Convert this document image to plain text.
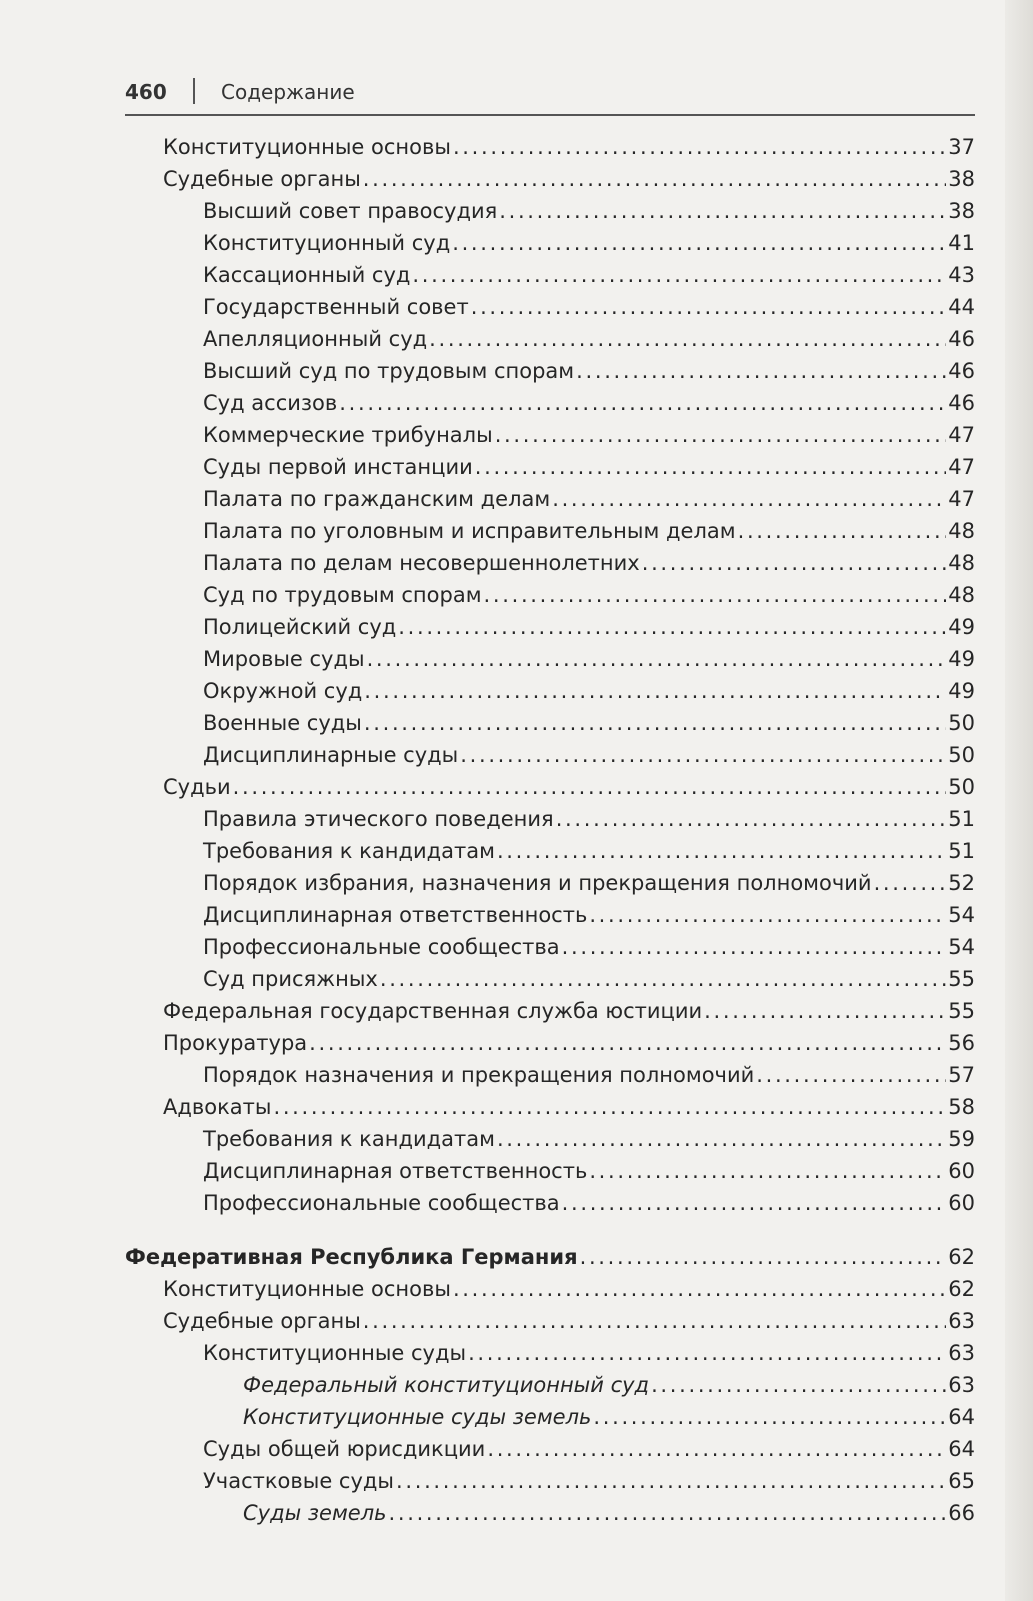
460	Содержание
Конституционные основы . . .	37
Судебные органы . . .	38
Высший совет правосудия . . .	38
Конституционный суд . . .	41
Кассационный суд . . .	43
Государственный совет . . .	44
Апелляционный суд . . .	46
Высший суд по трудовым спорам . . .	46
Суд ассизов . . .	46
Коммерческие трибуналы . . .	47
Суды первой инстанции . . .	47
Палата по гражданским делам . . .	47
Палата по уголовным и исправительным делам . . .	48
Палата по делам несовершеннолетних . . .	48
Суд по трудовым спорам . . .	48
Полицейский суд . . .	49
Мировые суды . . .	49
Окружной суд . . .	49
Военные суды . . .	50
Дисциплинарные суды . . .	50
Судьи . . .	50
Правила этического поведения . . .	51
Требования к кандидатам . . .	51
Порядок избрания, назначения и прекращения полномочий . . .	52
Дисциплинарная ответственность . . .	54
Профессиональные сообщества . . .	54
Суд присяжных . . .	55
Федеральная государственная служба юстиции . . .	55
Прокуратура . . .	56
Порядок назначения и прекращения полномочий . . .	57
Адвокаты . . .	58
Требования к кандидатам . . .	59
Дисциплинарная ответственность . . .	60
Профессиональные сообщества . . .	60
Федеративная Республика Германия . . .	62
Конституционные основы . . .	62
Судебные органы . . .	63
Конституционные суды . . .	63
Федеральный конституционный суд . . .	63
Конституционные суды земель . . .	64
Суды общей юрисдикции . . .	64
Участковые суды . . .	65
Суды земель . . .	66
